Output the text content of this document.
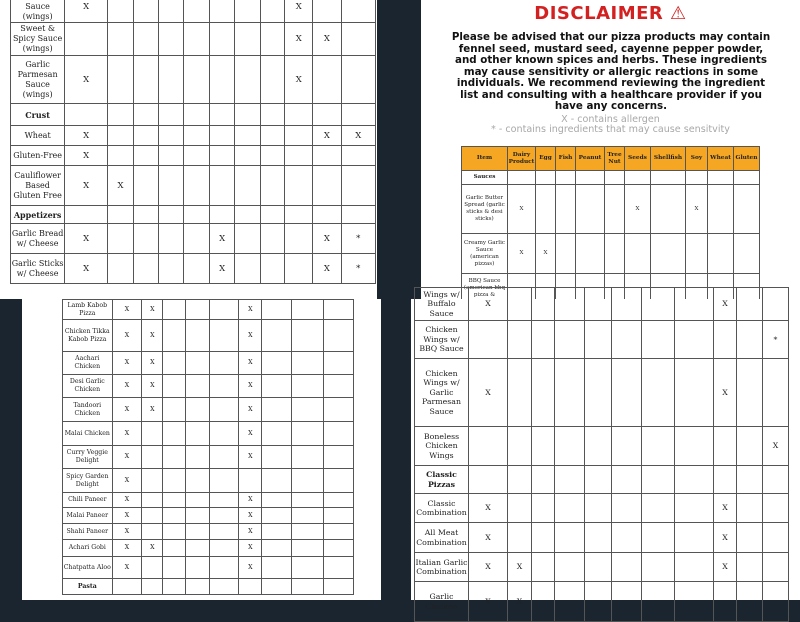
Sauce (wings)	X								X		
Sweet & Spicy Sauce (wings)									X	X	
Garlic Parmesan Sauce (wings)	X								X		
Crust											
Wheat	X									X	X
Gluten-Free	X										
Cauliflower Based Gluten Free	X	X									
Appetizers											
Garlic Bread w/ Cheese	X					X				X	*
Garlic Sticks w/ Cheese	X					X				X	*
DISCLAIMER ⚠
Please be advised that our pizza products may contain fennel seed, mustard seed, cayenne pepper powder, and other known spices and herbs. These ingredients may cause sensitivity or allergic reactions in some individuals. We recommend reviewing the ingredient list and consulting with a healthcare provider if you have any concerns.
X - contains allergen
* - contains ingredients that may cause sensitvity
Item	Dairy Product	Egg	Fish	Peanut	Tree Nut	Seeds	Shellfish	Soy	Wheat	Gluten
Sauces										
Garlic Butter Spread (garlic sticks & desi sticks)	X					X		X		
Creamy Garlic Sauce (american pizzas)	X	X								
BBQ Sauce (american bbq pizza &										
Lamb Kabob Pizza	X	X				X			
Chicken Tikka Kabob Pizza	X	X				X			
Aachari Chicken	X	X				X			
Desi Garlic Chicken	X	X				X			
Tandoori Chicken	X	X				X			
Malai Chicken	X					X			
Curry Veggie Delight	X					X			
Spicy Garden Delight	X								
Chili Paneer	X					X			
Malai Paneer	X					X			
Shahi Paneer	X					X			
Achari Gobi	X	X				X			
Chatpatta Aloo	X					X			
Pasta									
Wings w/ Buffalo Sauce	X								X		
Chicken Wings w/ BBQ Sauce											*
Chicken Wings w/ Garlic Parmesan Sauce	X								X		
Boneless Chicken Wings											X
Classic Pizzas											
Classic Combination	X								X		
All Meat Combination	X								X		
Italian Garlic Combination	X	X							X		
Garlic Chicken	X	X									
